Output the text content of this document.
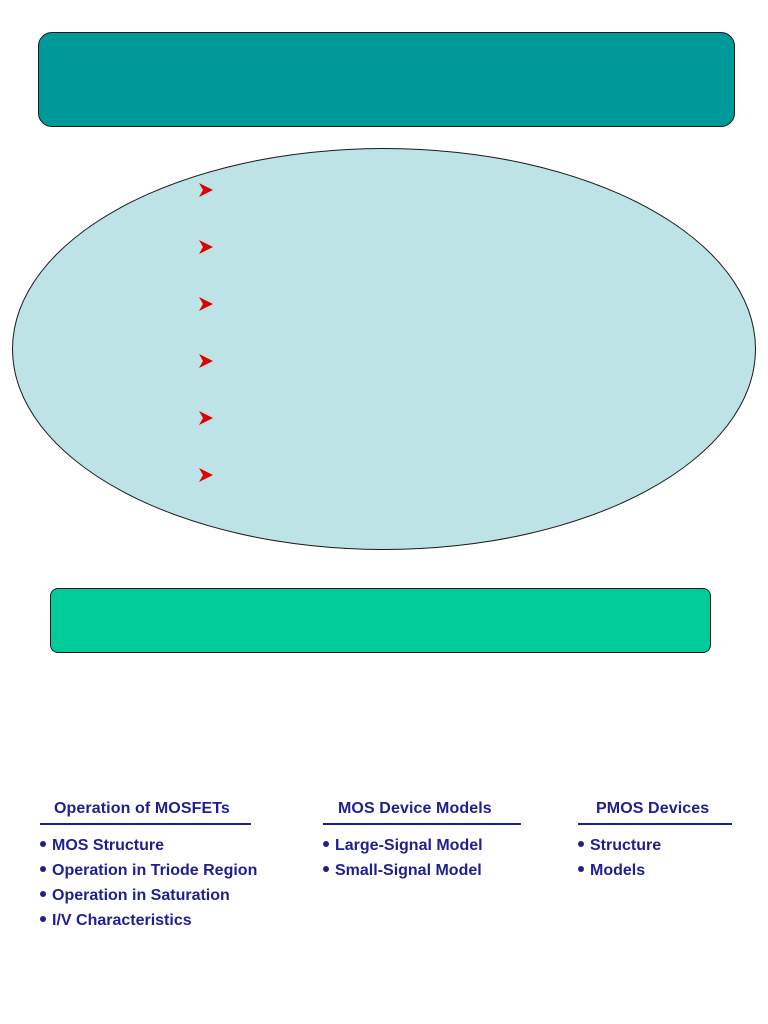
Operation of MOSFETs
MOS Structure
Operation in Triode Region
Operation in Saturation
I/V Characteristics
MOS Device Models
Large-Signal Model
Small-Signal Model
PMOS Devices
Structure
Models
